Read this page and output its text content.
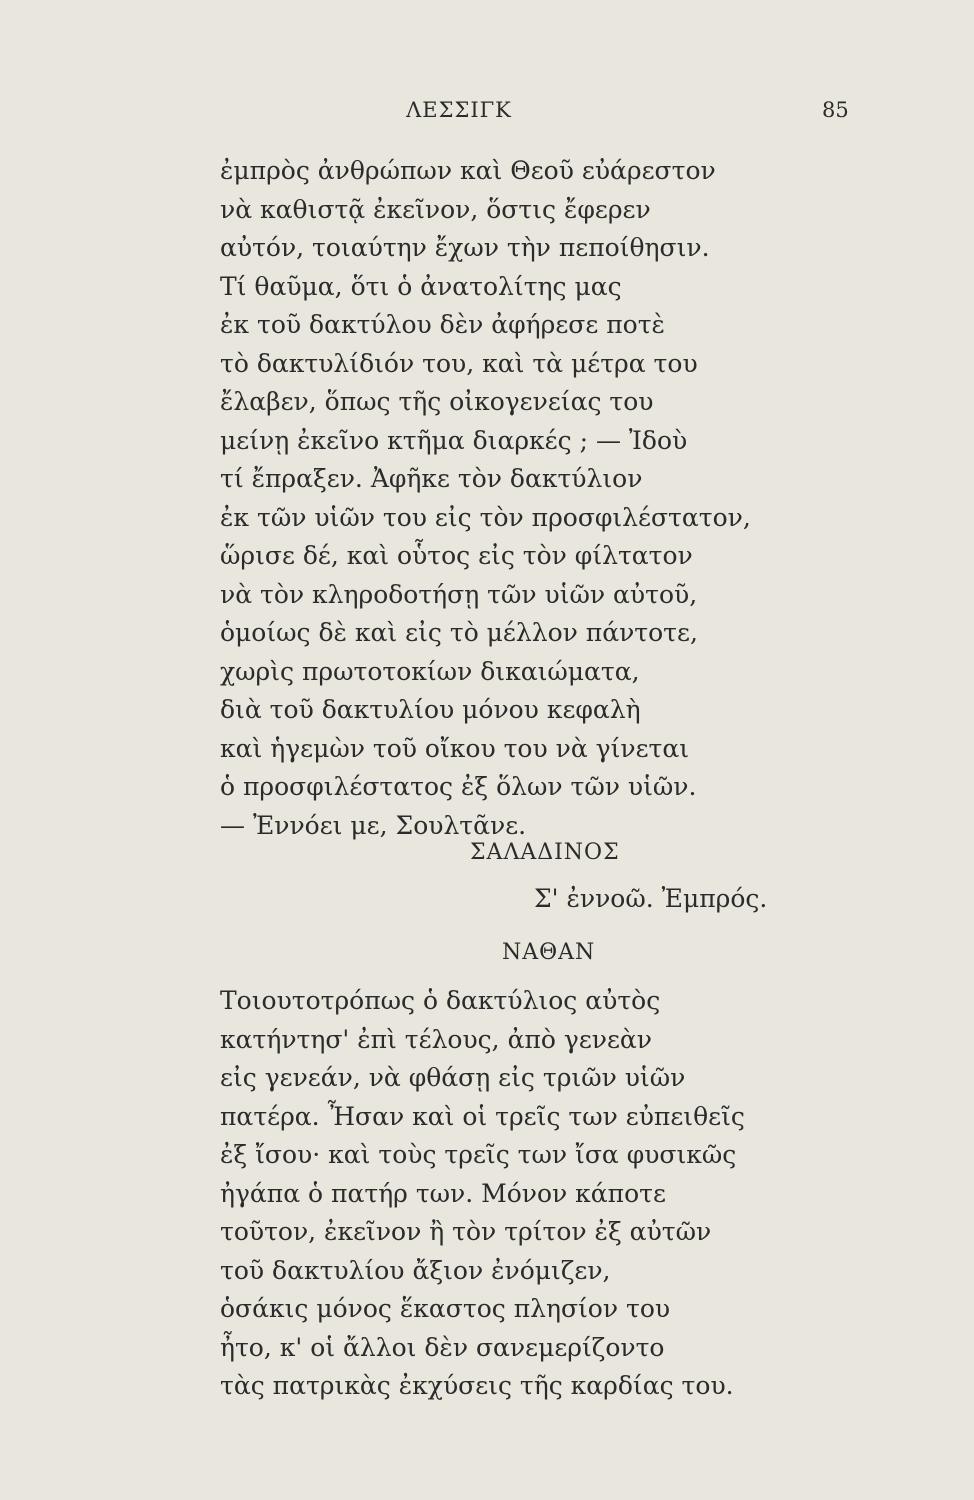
ΛΕΣΣΙΓΚ	85
ἐμπρὸς ἀνθρώπων καὶ Θεοῦ εὐάρεστον
νὰ καθιστᾷ ἐκεῖνον, ὅστις ἔφερεν
αὐτόν, τοιαύτην ἔχων τὴν πεποίθησιν.
Τί θαῦμα, ὅτι ὁ ἀνατολίτης μας
ἐκ τοῦ δακτύλου δὲν ἀφήρεσε ποτὲ
τὸ δακτυλίδιόν του, καὶ τὰ μέτρα του
ἔλαβεν, ὅπως τῆς οἰκογενείας του
μείνῃ ἐκεῖνο κτῆμα διαρκές ; — Ἰδοὺ
τί ἔπραξεν. Ἀφῆκε τὸν δακτύλιον
ἐκ τῶν υἱῶν του εἰς τὸν προσφιλέστατον,
ὥρισε δέ, καὶ οὗτος εἰς τὸν φίλτατον
νὰ τὸν κληροδοτήσῃ τῶν υἱῶν αὐτοῦ,
ὁμοίως δὲ καὶ εἰς τὸ μέλλον πάντοτε,
χωρὶς πρωτοτοκίων δικαιώματα,
διὰ τοῦ δακτυλίου μόνου κεφαλὴ
καὶ ἡγεμὼν τοῦ οἴκου του νὰ γίνεται
ὁ προσφιλέστατος ἐξ ὅλων τῶν υἱῶν.
— Ἐννόει με, Σουλτᾶνε.
ΣΑΛΑΔΙΝΟΣ
Σ' ἐννοῶ. Ἐμπρός.
ΝΑΘΑΝ
Τοιουτοτρόπως ὁ δακτύλιος αὐτὸς
κατήντησ' ἐπὶ τέλους, ἀπὸ γενεὰν
εἰς γενεάν, νὰ φθάσῃ εἰς τριῶν υἱῶν
πατέρα. Ἦσαν καὶ οἱ τρεῖς των εὐπειθεῖς
ἐξ ἴσου· καὶ τοὺς τρεῖς των ἴσα φυσικῶς
ἠγάπα ὁ πατήρ των. Μόνον κάποτε
τοῦτον, ἐκεῖνον ἢ τὸν τρίτον ἐξ αὐτῶν
τοῦ δακτυλίου ἄξιον ἐνόμιζεν,
ὁσάκις μόνος ἕκαστος πλησίον του
ἦτο, κ' οἱ ἄλλοι δὲν σανεμερίζοντο
τὰς πατρικὰς ἐκχύσεις τῆς καρδίας του.
